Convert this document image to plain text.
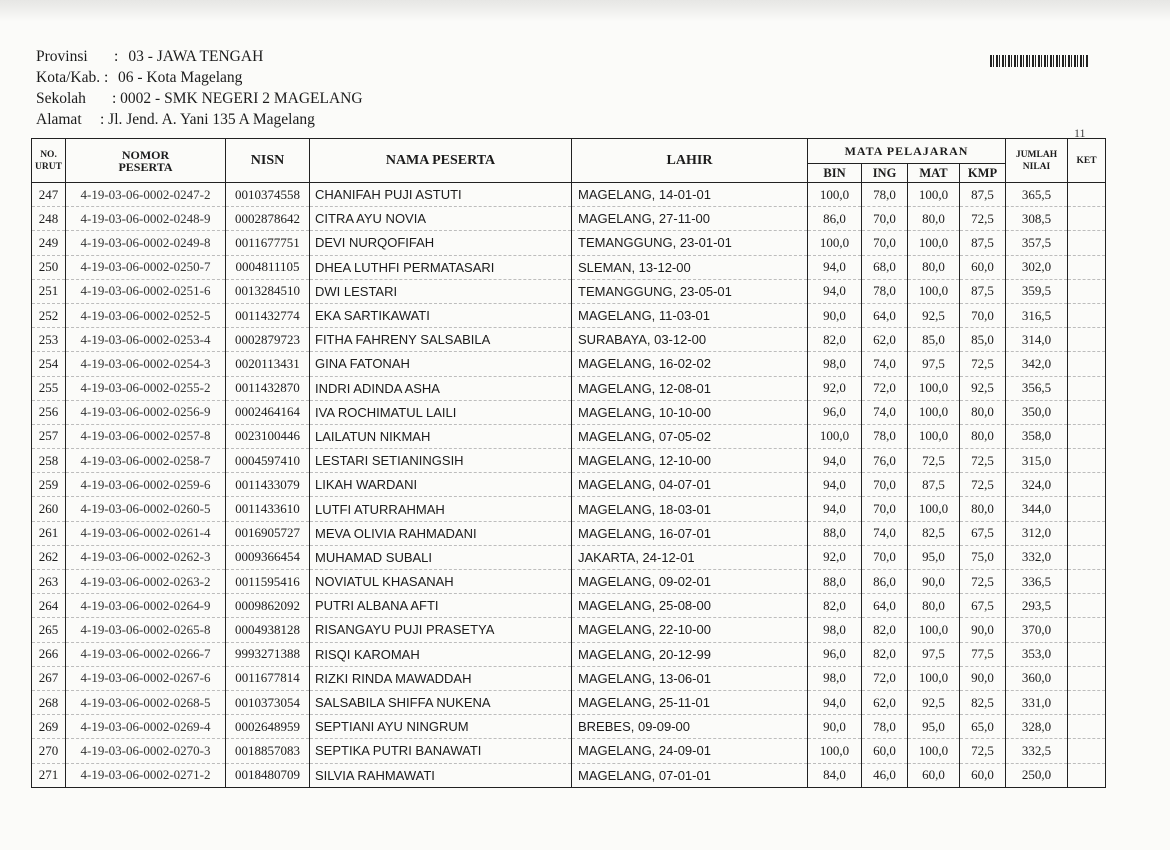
Provinsi : 03 - JAWA TENGAH
Kota/Kab. : 06 - Kota Magelang
Sekolah : 0002 - SMK NEGERI 2 MAGELANG
Alamat : Jl. Jend. A. Yani 135 A Magelang
11
NO. URUT	NOMOR PESERTA	NISN	NAMA PESERTA	LAHIR	MATA PELAJARAN				JUMLAH NILAI	KET
					BIN	ING	MAT	KMP		
247	4-19-03-06-0002-0247-2	0010374558	CHANIFAH PUJI ASTUTI	MAGELANG, 14-01-01	100,0	78,0	100,0	87,5	365,5	
248	4-19-03-06-0002-0248-9	0002878642	CITRA AYU NOVIA	MAGELANG, 27-11-00	86,0	70,0	80,0	72,5	308,5	
249	4-19-03-06-0002-0249-8	0011677751	DEVI NURQOFIFAH	TEMANGGUNG, 23-01-01	100,0	70,0	100,0	87,5	357,5	
250	4-19-03-06-0002-0250-7	0004811105	DHEA LUTHFI PERMATASARI	SLEMAN, 13-12-00	94,0	68,0	80,0	60,0	302,0	
251	4-19-03-06-0002-0251-6	0013284510	DWI LESTARI	TEMANGGUNG, 23-05-01	94,0	78,0	100,0	87,5	359,5	
252	4-19-03-06-0002-0252-5	0011432774	EKA SARTIKAWATI	MAGELANG, 11-03-01	90,0	64,0	92,5	70,0	316,5	
253	4-19-03-06-0002-0253-4	0002879723	FITHA FAHRENY SALSABILA	SURABAYA, 03-12-00	82,0	62,0	85,0	85,0	314,0	
254	4-19-03-06-0002-0254-3	0020113431	GINA FATONAH	MAGELANG, 16-02-02	98,0	74,0	97,5	72,5	342,0	
255	4-19-03-06-0002-0255-2	0011432870	INDRI ADINDA ASHA	MAGELANG, 12-08-01	92,0	72,0	100,0	92,5	356,5	
256	4-19-03-06-0002-0256-9	0002464164	IVA ROCHIMATUL LAILI	MAGELANG, 10-10-00	96,0	74,0	100,0	80,0	350,0	
257	4-19-03-06-0002-0257-8	0023100446	LAILATUN NIKMAH	MAGELANG, 07-05-02	100,0	78,0	100,0	80,0	358,0	
258	4-19-03-06-0002-0258-7	0004597410	LESTARI SETIANINGSIH	MAGELANG, 12-10-00	94,0	76,0	72,5	72,5	315,0	
259	4-19-03-06-0002-0259-6	0011433079	LIKAH WARDANI	MAGELANG, 04-07-01	94,0	70,0	87,5	72,5	324,0	
260	4-19-03-06-0002-0260-5	0011433610	LUTFI ATURRAHMAH	MAGELANG, 18-03-01	94,0	70,0	100,0	80,0	344,0	
261	4-19-03-06-0002-0261-4	0016905727	MEVA OLIVIA RAHMADANI	MAGELANG, 16-07-01	88,0	74,0	82,5	67,5	312,0	
262	4-19-03-06-0002-0262-3	0009366454	MUHAMAD SUBALI	JAKARTA, 24-12-01	92,0	70,0	95,0	75,0	332,0	
263	4-19-03-06-0002-0263-2	0011595416	NOVIATUL KHASANAH	MAGELANG, 09-02-01	88,0	86,0	90,0	72,5	336,5	
264	4-19-03-06-0002-0264-9	0009862092	PUTRI ALBANA AFTI	MAGELANG, 25-08-00	82,0	64,0	80,0	67,5	293,5	
265	4-19-03-06-0002-0265-8	0004938128	RISANGAYU PUJI PRASETYA	MAGELANG, 22-10-00	98,0	82,0	100,0	90,0	370,0	
266	4-19-03-06-0002-0266-7	9993271388	RISQI KAROMAH	MAGELANG, 20-12-99	96,0	82,0	97,5	77,5	353,0	
267	4-19-03-06-0002-0267-6	0011677814	RIZKI RINDA MAWADDAH	MAGELANG, 13-06-01	98,0	72,0	100,0	90,0	360,0	
268	4-19-03-06-0002-0268-5	0010373054	SALSABILA SHIFFA NUKENA	MAGELANG, 25-11-01	94,0	62,0	92,5	82,5	331,0	
269	4-19-03-06-0002-0269-4	0002648959	SEPTIANI AYU NINGRUM	BREBES, 09-09-00	90,0	78,0	95,0	65,0	328,0	
270	4-19-03-06-0002-0270-3	0018857083	SEPTIKA PUTRI BANAWATI	MAGELANG, 24-09-01	100,0	60,0	100,0	72,5	332,5	
271	4-19-03-06-0002-0271-2	0018480709	SILVIA RAHMAWATI	MAGELANG, 07-01-01	84,0	46,0	60,0	60,0	250,0	
